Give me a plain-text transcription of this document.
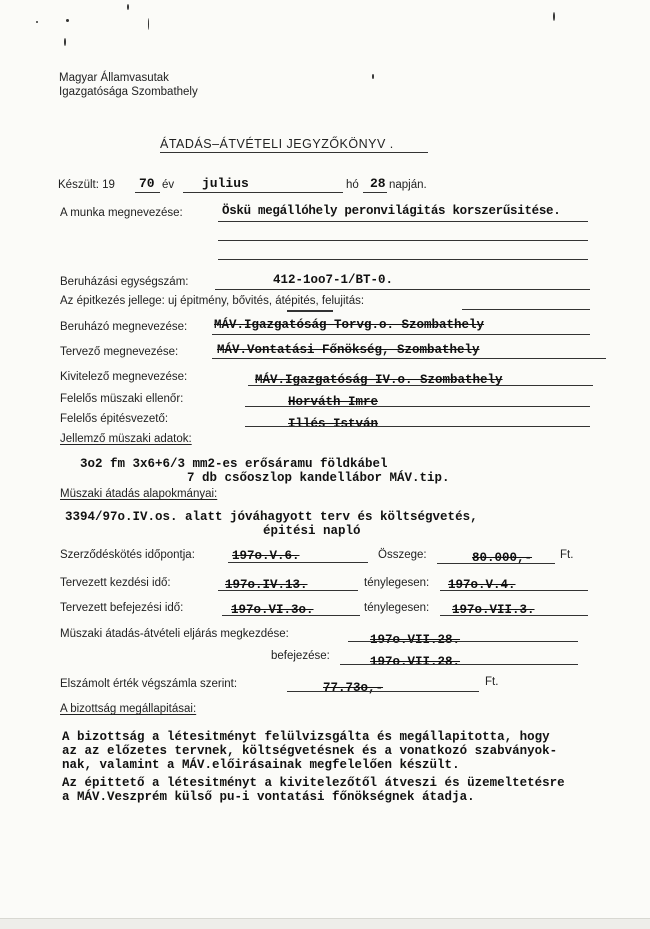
Magyar Államvasutak
Igazgatósága Szombathely
ÁTADÁS–ÁTVÉTELI JEGYZŐKÖNYV .
Készült: 19 70 év julius	hó 28 napján.
A munka megnevezése:	Öskü megállóhely peronvilágitás korszerűsitése.
Beruházási egységszám:	412-1oo7-1/BT-0.
Az épitkezés jellege: uj épitmény, bővités, átépités, felujitás:
Beruházó megnevezése: MÁV.Igazgatóság Torvg.o. Szombathely
Tervező megnevezése:	MÁV.Vontatási Főnökség, Szombathely
Kivitelező megnevezése:	MÁV.Igazgatóság IV.o. Szombathely
Felelős müszaki ellenőr:	Horváth Imre
Felelős épitésvezető:	Illés István
Jellemző müszaki adatok:
3o2 fm 3x6+6/3 mm2-es erősáramu földkábel
7 db csőoszlop kandellábor MÁV.tip.
Müszaki átadás alapokmányai:
3394/97o.IV.os. alatt jóváhagyott terv és költségvetés,
épitési napló
Szerződéskötés időpontja:	197o.V.6.	Összege:	80.000,- Ft.
Tervezett kezdési idő:	197o.IV.13.	ténylegesen: 197o.V.4.
Tervezett befejezési idő:	197o.VI.3o.	ténylegesen: 197o.VII.3.
Müszaki átadás-átvételi eljárás megkezdése:	197o.VII.28.
befejezése:	197o.VII.28.
Elszámolt érték végszámla szerint:	77.73o,-	Ft.
A bizottság megállapitásai:
A bizottság a létesitményt felülvizsgálta és megállapitotta, hogy
az az előzetes tervnek, költségvetésnek és a vonatkozó szabványok-
nak, valamint a MÁV.előirásainak megfelelően készült.
Az épittető a létesitményt a kivitelezőtől átveszi és üzemeltetésre
a MÁV.Veszprém külső pu-i vontatási főnökségnek átadja.
